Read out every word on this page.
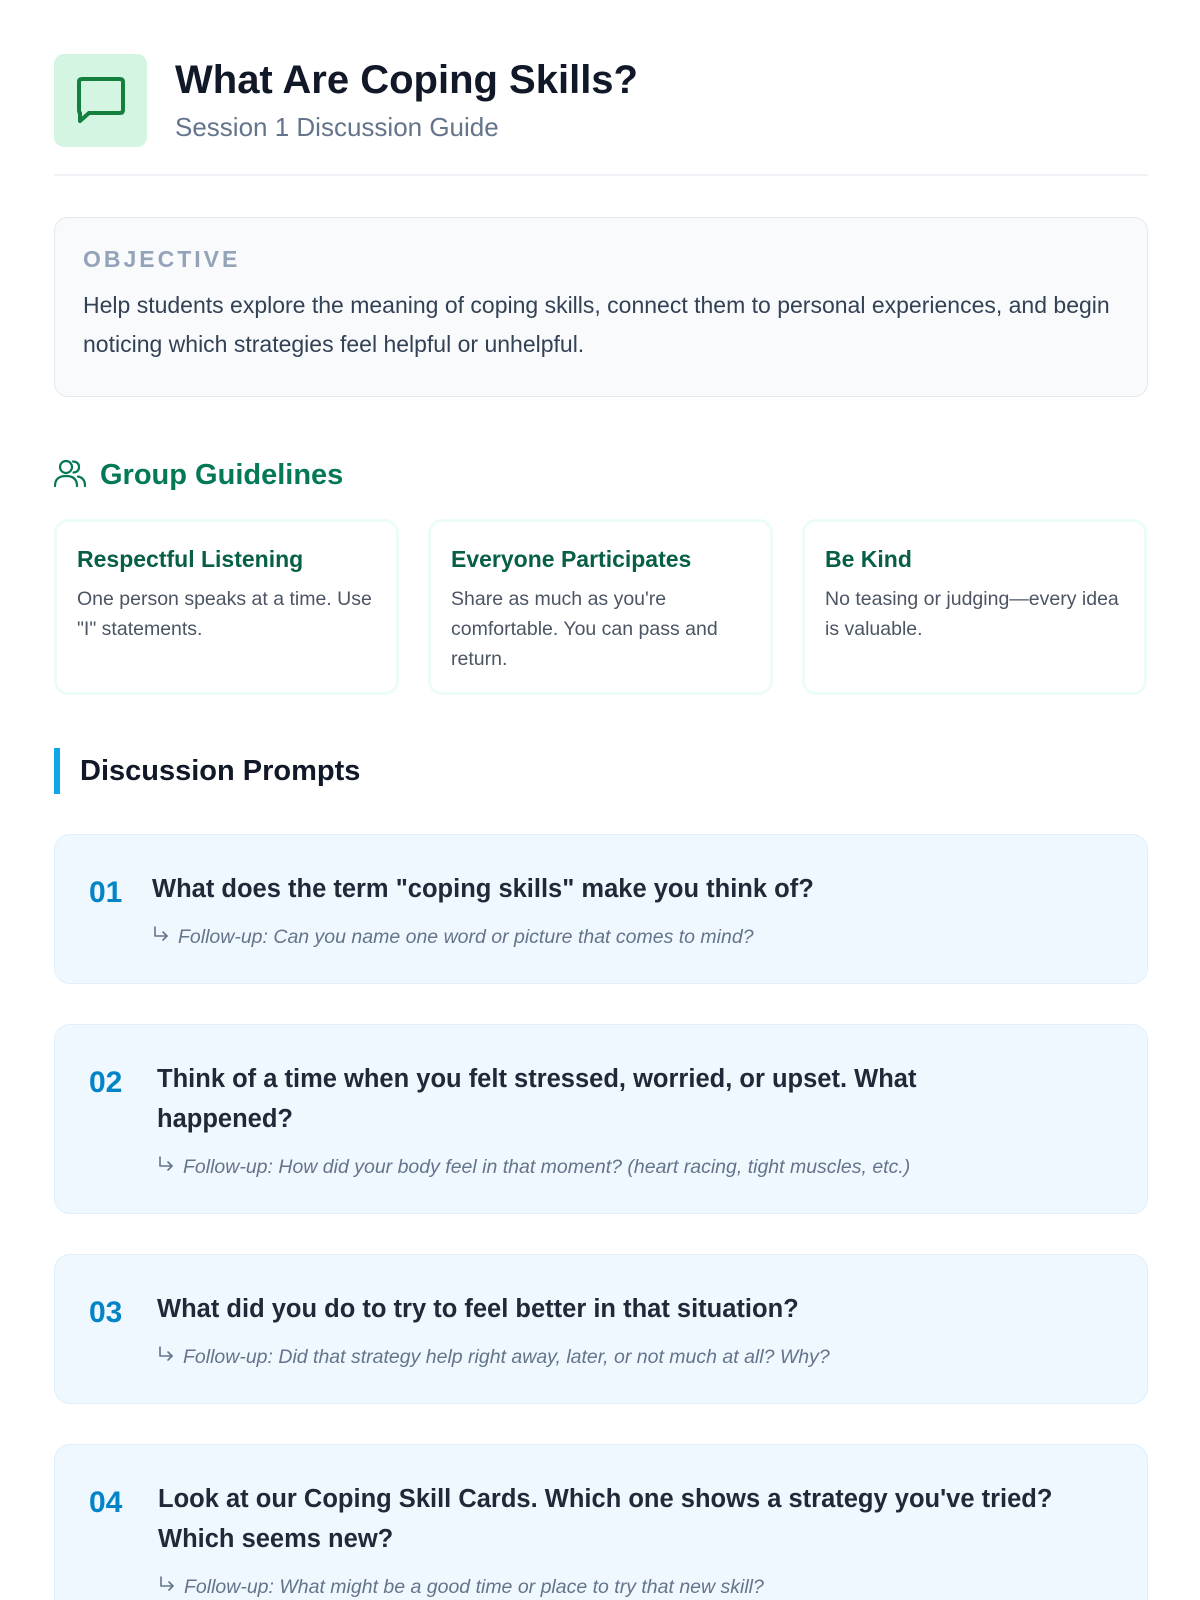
What Are Coping Skills?
Session 1 Discussion Guide
OBJECTIVE
Help students explore the meaning of coping skills, connect them to personal experiences, and begin noticing which strategies feel helpful or unhelpful.
Group Guidelines
Respectful Listening
One person speaks at a time. Use "I" statements.
Everyone Participates
Share as much as you're comfortable. You can pass and return.
Be Kind
No teasing or judging—every idea is valuable.
Discussion Prompts
01 What does the term "coping skills" make you think of?
Follow-up: Can you name one word or picture that comes to mind?
02 Think of a time when you felt stressed, worried, or upset. What happened?
Follow-up: How did your body feel in that moment? (heart racing, tight muscles, etc.)
03 What did you do to try to feel better in that situation?
Follow-up: Did that strategy help right away, later, or not much at all? Why?
04 Look at our Coping Skill Cards. Which one shows a strategy you've tried? Which seems new?
Follow-up: What might be a good time or place to try that new skill?
